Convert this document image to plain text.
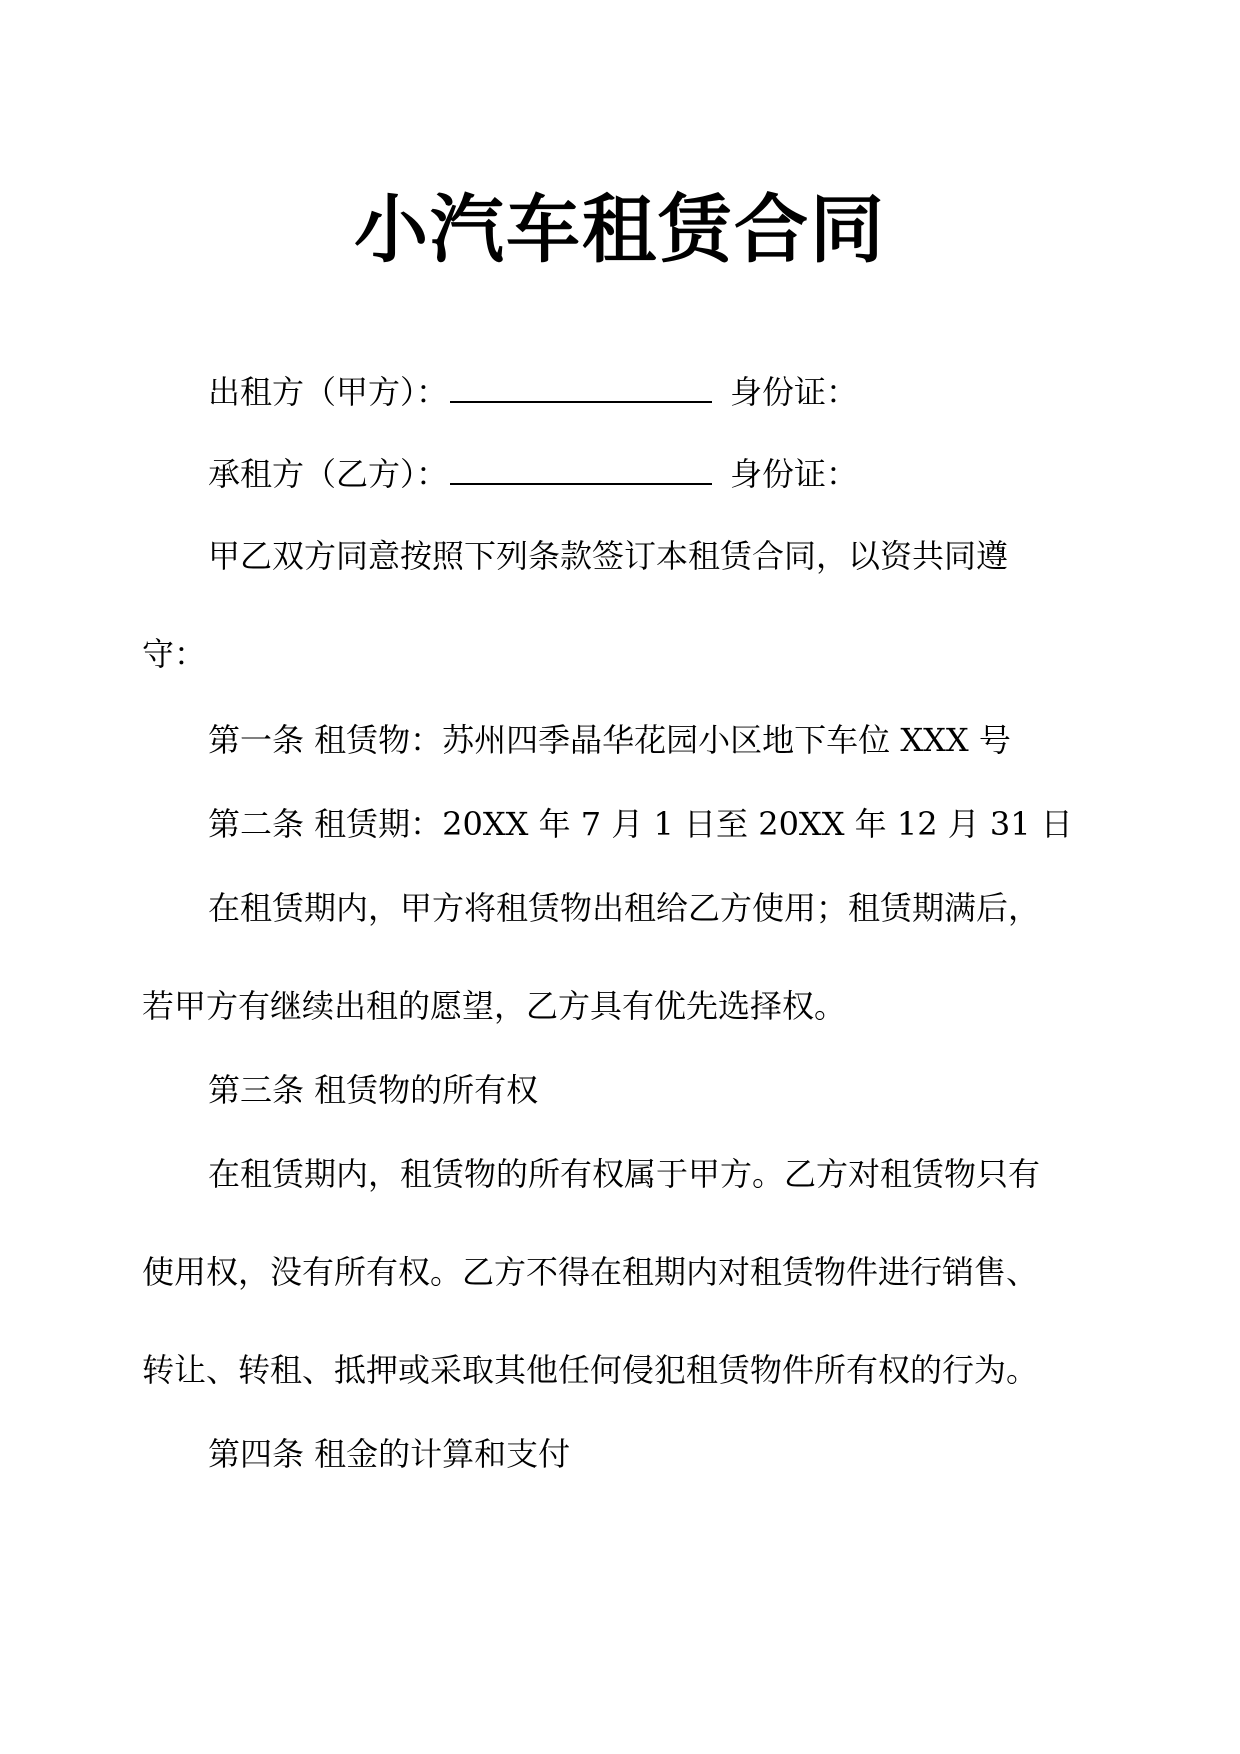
小汽车租赁合同
出租方（甲方）：	身份证：
承租方（乙方）：	身份证：
甲乙双方同意按照下列条款签订本租赁合同，以资共同遵
守：
第一条 租赁物：苏州四季晶华花园小区地下车位 XXX 号
第二条 租赁期：20XX 年 7 月 1 日至 20XX 年 12 月 31 日
在租赁期内，甲方将租赁物出租给乙方使用；租赁期满后，
若甲方有继续出租的愿望，乙方具有优先选择权。
第三条 租赁物的所有权
在租赁期内，租赁物的所有权属于甲方。乙方对租赁物只有
使用权，没有所有权。乙方不得在租期内对租赁物件进行销售、
转让、转租、抵押或采取其他任何侵犯租赁物件所有权的行为。
第四条 租金的计算和支付
